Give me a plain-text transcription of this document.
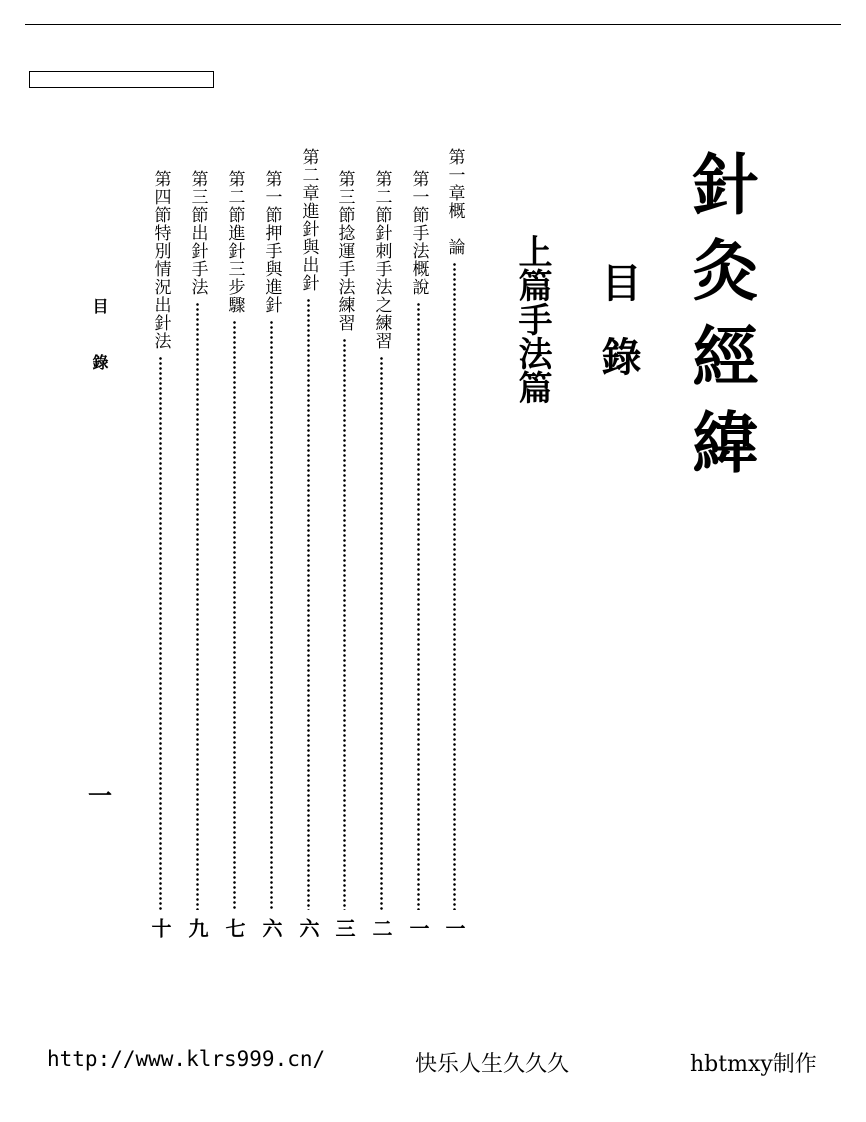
針灸經緯
目錄
上篇手法篇
第一章概　論
一
第一節手法概說
一
第二節針刺手法之練習
二
第三節捻運手法練習
三
第二章進針與出針
六
第一節押手與進針
六
第二節進針三步驟
七
第三節出針手法
九
第四節特別情況出針法
十
目錄
一
http://www.klrs999.cn/	快乐人生久久久	hbtmxy制作
